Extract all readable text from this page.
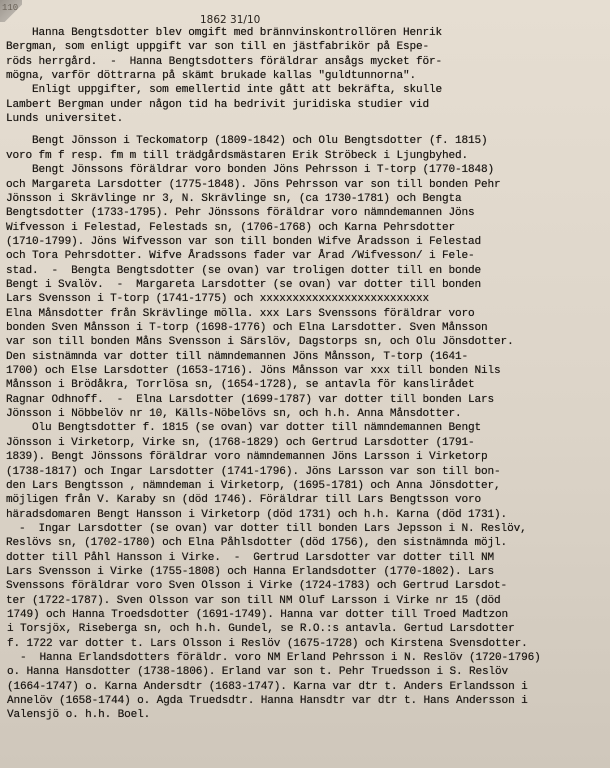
110
1862 31/10
Hanna Bengtsdotter blev omgift med brännvinskontrollören Henrik
Bergman, som enligt uppgift var son till en jästfabrikör på Espe-
röds herrgård.  -  Hanna Bengtsdotters föräldrar ansågs mycket för-
mögna, varför döttrarna på skämt brukade kallas "guldtunnorna".
Enligt uppgifter, som emellertid inte gått att bekräfta, skulle
Lambert Bergman under någon tid ha bedrivit juridiska studier vid
Lunds universitet.
Bengt Jönsson i Teckomatorp (1809-1842) och Olu Bengtsdotter (f. 1815)
voro fm f resp. fm m till trädgårdsmästaren Erik Ströbeck i Ljungbyhed.
Bengt Jönssons föräldrar voro bonden Jöns Pehrsson i T-torp (1770-1848)
och Margareta Larsdotter (1775-1848). Jöns Pehrsson var son till bonden Pehr
Jönsson i Skrävlinge nr 3, N. Skrävlinge sn, (ca 1730-1781) och Bengta
Bengtsdotter (1733-1795). Pehr Jönssons föräldrar voro nämndemannen Jöns
Wifvesson i Felestad, Felestads sn, (1706-1768) och Karna Pehrsdotter
(1710-1799). Jöns Wifvesson var son till bonden Wifve Åradsson i Felestad
och Tora Pehrsdotter. Wifve Åradssons fader var Årad /Wifvesson/ i Fele-
stad.  -  Bengta Bengtsdotter (se ovan) var troligen dotter till en bonde
Bengt i Svalöv.  -  Margareta Larsdotter (se ovan) var dotter till bonden
Lars Svensson i T-torp (1741-1775) och xxxxxxxxxxxxxxxxxxxxxxxxxx
Elna Månsdotter från Skrävlinge mölla. xxx Lars Svenssons föräldrar voro
bonden Sven Månsson i T-torp (1698-1776) och Elna Larsdotter. Sven Månsson
var son till bonden Måns Svensson i Särslöv, Dagstorps sn, och Olu Jönsdotter.
Den sistnämnda var dotter till nämndemannen Jöns Månsson, T-torp (1641-
1700) och Else Larsdotter (1653-1716). Jöns Månsson var xxx till bonden Nils
Månsson i Brödåkra, Torrlösa sn, (1654-1728), se antavla för kanslirådet
Ragnar Odhnoff.  -  Elna Larsdotter (1699-1787) var dotter till bonden Lars
Jönsson i Nöbbelöv nr 10, Källs-Nöbelövs sn, och h.h. Anna Månsdotter.
Olu Bengtsdotter f. 1815 (se ovan) var dotter till nämndemannen Bengt
Jönsson i Virketorp, Virke sn, (1768-1829) och Gertrud Larsdotter (1791-
1839). Bengt Jönssons föräldrar voro nämndemannen Jöns Larsson i Virketorp
(1738-1817) och Ingar Larsdotter (1741-1796). Jöns Larsson var son till bon-
den Lars Bengtsson , nämndeman i Virketorp, (1695-1781) och Anna Jönsdotter,
möjligen från V. Karaby sn (död 1746). Föräldrar till Lars Bengtsson voro
häradsdomaren Bengt Hansson i Virketorp (död 1731) och h.h. Karna (död 1731).
-  Ingar Larsdotter (se ovan) var dotter till bonden Lars Jepsson i N. Reslöv,
Reslövs sn, (1702-1780) och Elna Påhlsdotter (död 1756), den sistnämnda möjl.
dotter till Påhl Hansson i Virke.  -  Gertrud Larsdotter var dotter till NM
Lars Svensson i Virke (1755-1808) och Hanna Erlandsdotter (1770-1802). Lars
Svenssons föräldrar voro Sven Olsson i Virke (1724-1783) och Gertrud Larsdot-
ter (1722-1787). Sven Olsson var son till NM Oluf Larsson i Virke nr 15 (död
1749) och Hanna Troedsdotter (1691-1749). Hanna var dotter till Troed Madtzon
i Torsjöx, Riseberga sn, och h.h. Gundel, se R.O.:s antavla. Gertud Larsdotter
f. 1722 var dotter t. Lars Olsson i Reslöv (1675-1728) och Kirstena Svensdotter.
-  Hanna Erlandsdotters föräldr. voro NM Erland Pehrsson i N. Reslöv (1720-1796)
o. Hanna Hansdotter (1738-1806). Erland var son t. Pehr Truedsson i S. Reslöv
(1664-1747) o. Karna Andersdtr (1683-1747). Karna var dtr t. Anders Erlandsson i
Annelöv (1658-1744) o. Agda Truedsdtr. Hanna Hansdtr var dtr t. Hans Andersson i
Valensjö o. h.h. Boel.
